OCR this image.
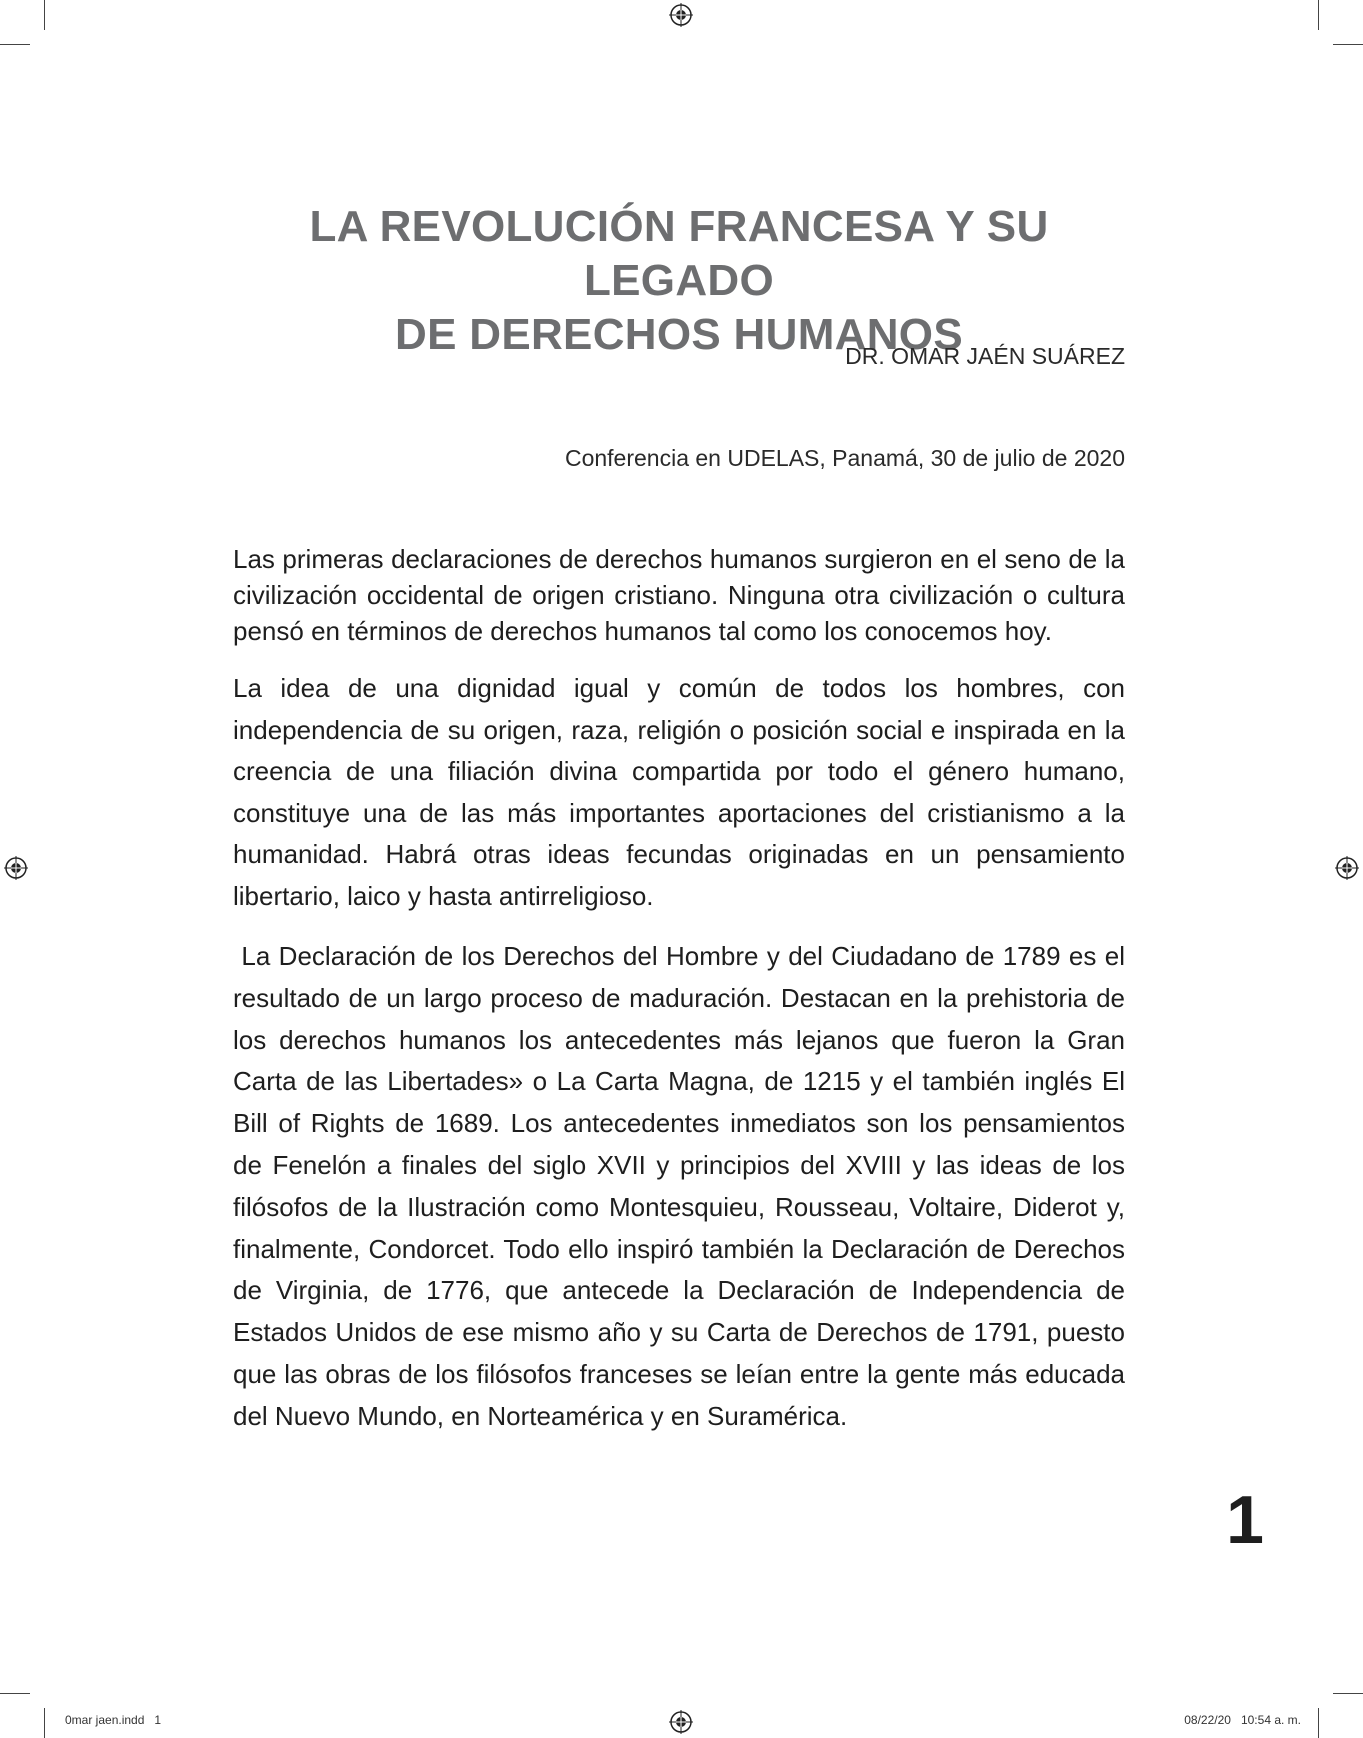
LA REVOLUCIÓN FRANCESA Y SU LEGADO
DE DERECHOS HUMANOS

DR. OMAR JAÉN SUÁREZ

Conferencia en UDELAS, Panamá, 30 de julio de 2020

Las primeras declaraciones de derechos humanos surgieron en el seno de la civilización occidental de origen cristiano. Ninguna otra civilización o cultura pensó en términos de derechos humanos tal como los conocemos hoy.

La idea de una dignidad igual y común de todos los hombres, con independencia de su origen, raza, religión o posición social e inspirada en la creencia de una filiación divina compartida por todo el género humano, constituye una de las más importantes aportaciones del cristianismo a la humanidad. Habrá otras ideas fecundas originadas en un pensamiento libertario, laico y hasta antirreligioso.

La Declaración de los Derechos del Hombre y del Ciudadano de 1789 es el resultado de un largo proceso de maduración. Destacan en la prehistoria de los derechos humanos los antecedentes más lejanos que fueron la Gran Carta de las Libertades» o La Carta Magna, de 1215 y el también inglés El Bill of Rights de 1689. Los antecedentes inmediatos son los pensamientos de Fenelón a finales del siglo XVII y principios del XVIII y las ideas de los filósofos de la Ilustración como Montesquieu, Rousseau, Voltaire, Diderot y, finalmente, Condorcet. Todo ello inspiró también la Declaración de Derechos de Virginia, de 1776, que antecede la Declaración de Independencia de Estados Unidos de ese mismo año y su Carta de Derechos de 1791, puesto que las obras de los filósofos franceses se leían entre la gente más educada del Nuevo Mundo, en Norteamérica y en Suramérica.

1

0mar jaen.indd   1	08/22/20   10:54 a. m.
